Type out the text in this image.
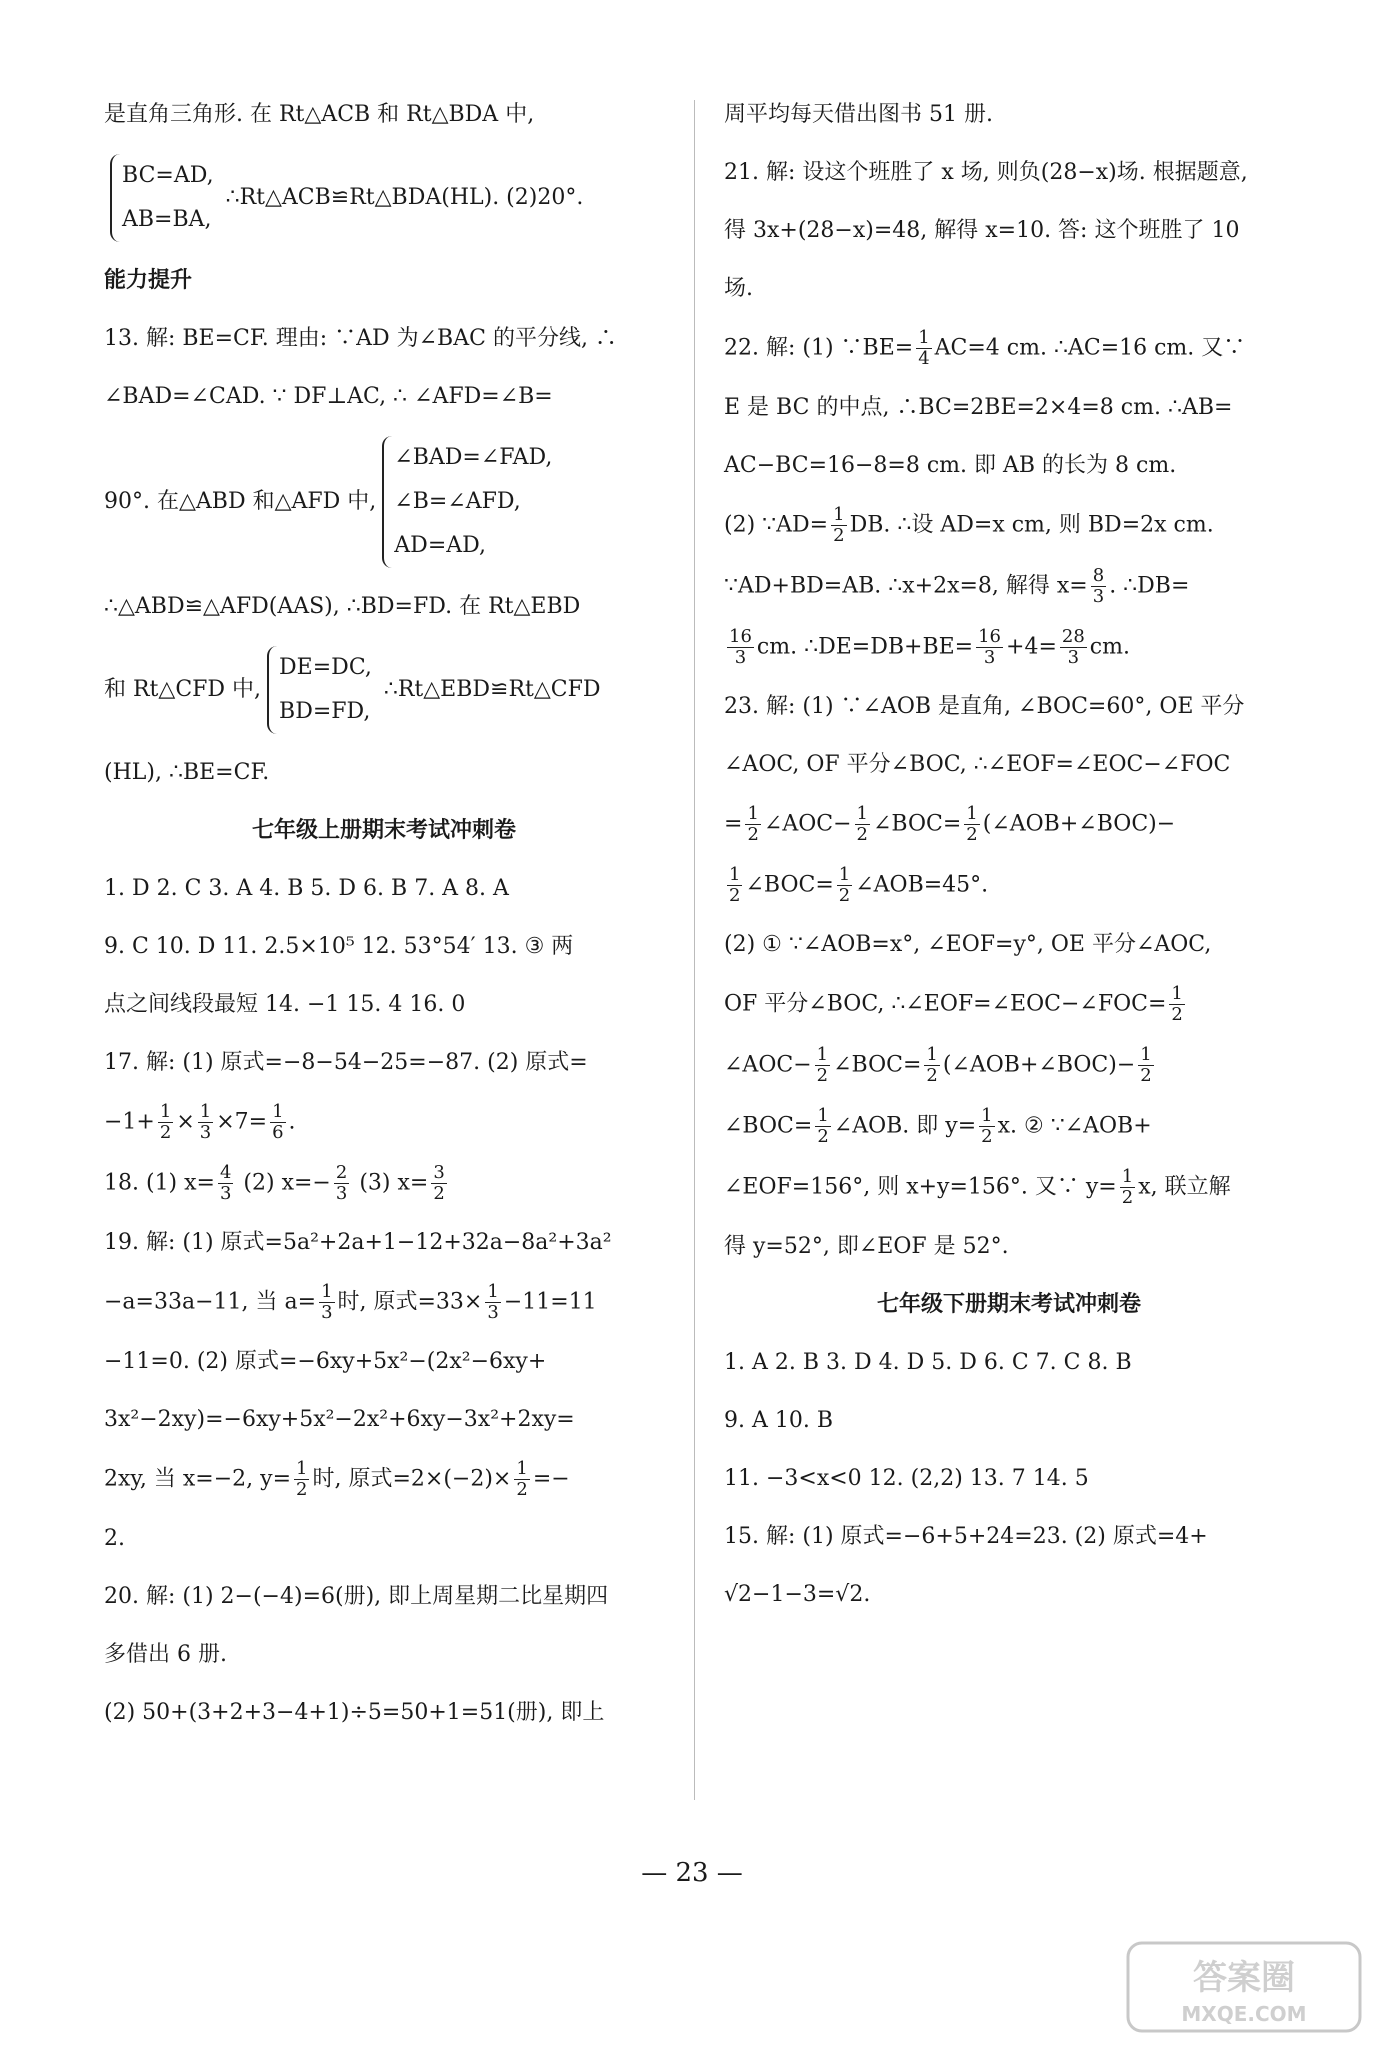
是直角三角形. 在 Rt△ACB 和 Rt△BDA 中,
BC=AD,
AB=BA,∴Rt△ACB≌Rt△BDA(HL). (2)20°.
能力提升
13. 解: BE=CF. 理由: ∵AD 为∠BAC 的平分线, ∴
∠BAD=∠CAD. ∵ DF⊥AC, ∴ ∠AFD=∠B=
90°. 在△ABD 和△AFD 中,∠BAD=∠FAD,
∠B=∠AFD,
AD=AD,
∴△ABD≌△AFD(AAS), ∴BD=FD. 在 Rt△EBD
和 Rt△CFD 中,DE=DC,
BD=FD,∴Rt△EBD≌Rt△CFD
(HL), ∴BE=CF.
七年级上册期末考试冲刺卷
1. D 2. C 3. A 4. B 5. D 6. B 7. A 8. A
9. C 10. D 11. 2.5×10⁵ 12. 53°54′ 13. ③ 两
点之间线段最短 14. −1 15. 4 16. 0
17. 解: (1) 原式=−8−54−25=−87. (2) 原式=
$-1+ \frac{1}{2} \times \frac{1}{3} \times 7= \frac{1}{6}$ .
18. (1) $x= \frac{4}{3} (2)$ $x=- \frac{2}{3} (3)$ $x= \frac{3}{2}$
19. 解: (1) 原式=5a²+2a+1−12+32a−8a²+3a²
−a=33a−11, 当 $a= \frac{1}{3}$ 时, 原式$=33\times \frac{1}{3} -11=11$
−11=0. (2) 原式=−6xy+5x²−(2x²−6xy+
3x²−2xy)=−6xy+5x²−2x²+6xy−3x²+2xy=
2xy, 当 x=−2, $y= \frac{1}{2}$ 时, 原式$=2\times(-2)\times \frac{1}{2}$ =−
2.
20. 解: (1) 2−(−4)=6(册), 即上周星期二比星期四
多借出 6 册.
(2) 50+(3+2+3−4+1)÷5=50+1=51(册), 即上
周平均每天借出图书 51 册.
21. 解: 设这个班胜了 x 场, 则负(28−x)场. 根据题意,
得 3x+(28−x)=48, 解得 x=10. 答: 这个班胜了 10
场.
22. 解: (1) ∵BE= $\frac{1}{4} AC=4$ cm. ∴AC=16 cm. 又∵
E 是 BC 的中点, ∴BC=2BE=2×4=8 cm. ∴AB=
AC−BC=16−8=8 cm. 即 AB 的长为 8 cm.
(2) ∵AD= $\frac{1}{2}$ DB. ∴设 AD=x cm, 则 BD=2x cm.
∵AD+BD=AB. ∴x+2x=8, 解得 $x= \frac{8}{3}$ . ∴DB=
$\frac{16}{3}$ cm. ∴DE=DB+BE= $\frac{16}{3} +4= \frac{28}{3}$ cm.
23. 解: (1) ∵∠AOB 是直角, ∠BOC=60°, OE 平分
∠AOC, OF 平分∠BOC, ∴∠EOF=∠EOC−∠FOC
= $\frac{1}{2}$ ∠AOC− $\frac{1}{2}$ ∠BOC= $\frac{1}{2}$ (∠AOB+∠BOC)−
$\frac{1}{2}$ ∠BOC= $\frac{1}{2}$ ∠AOB=45°.
(2) ① ∵∠AOB=x°, ∠EOF=y°, OE 平分∠AOC,
OF 平分∠BOC, ∴∠EOF=∠EOC−∠FOC= $\frac{1}{2}$
∠AOC− $\frac{1}{2}$ ∠BOC= $\frac{1}{2}$ (∠AOB+∠BOC)− $\frac{1}{2}$
∠BOC= $\frac{1}{2}$ ∠AOB. 即 $y= \frac{1}{2} x$. ② ∵∠AOB+
∠EOF=156°, 则 x+y=156°. 又∵ $y= \frac{1}{2} x$, 联立解
得 y=52°, 即∠EOF 是 52°.
七年级下册期末考试冲刺卷
1. A 2. B 3. D 4. D 5. D 6. C 7. C 8. B
9. A 10. B
11. −3<x<0 12. (2,2) 13. 7 14. 5
15. 解: (1) 原式=−6+5+24=23. (2) 原式=4+
√2−1−3=√2.
— 23 —
答案圈
MXQE.COM
